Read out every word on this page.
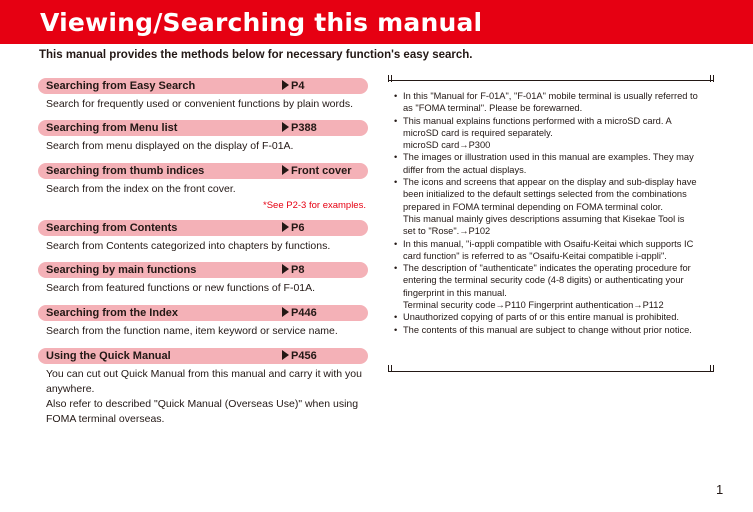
Viewing/Searching this manual
This manual provides the methods below for necessary function's easy search.
Searching from Easy Search	P4
Search for frequently used or convenient functions by plain words.
Searching from Menu list	P388
Search from menu displayed on the display of F-01A.
Searching from thumb indices	Front cover
Search from the index on the front cover.
*See P2-3 for examples.
Searching from Contents	P6
Search from Contents categorized into chapters by functions.
Searching by main functions	P8
Search from featured functions or new functions of F-01A.
Searching from the Index	P446
Search from the function name, item keyword or service name.
Using the Quick Manual	P456
You can cut out Quick Manual from this manual and carry it with you
anywhere.
Also refer to described "Quick Manual (Overseas Use)" when using
FOMA terminal overseas.
• In this "Manual for F-01A", "F-01A" mobile terminal is usually referred to
as "FOMA terminal". Please be forewarned.
• This manual explains functions performed with a microSD card. A
microSD card is required separately.
microSD card→P300
• The images or illustration used in this manual are examples. They may
differ from the actual displays.
• The icons and screens that appear on the display and sub-display have
been initialized to the default settings selected from the combinations
prepared in FOMA terminal depending on FOMA terminal color.
This manual mainly gives descriptions assuming that Kisekae Tool is
set to "Rose".→P102
• In this manual, "i-αppli compatible with Osaifu-Keitai which supports IC
card function" is referred to as "Osaifu-Keitai compatible i-αppli".
• The description of "authenticate" indicates the operating procedure for
entering the terminal security code (4-8 digits) or authenticating your
fingerprint in this manual.
Terminal security code→P110 Fingerprint authentication→P112
• Unauthorized copying of parts of or this entire manual is prohibited.
• The contents of this manual are subject to change without prior notice.
1
